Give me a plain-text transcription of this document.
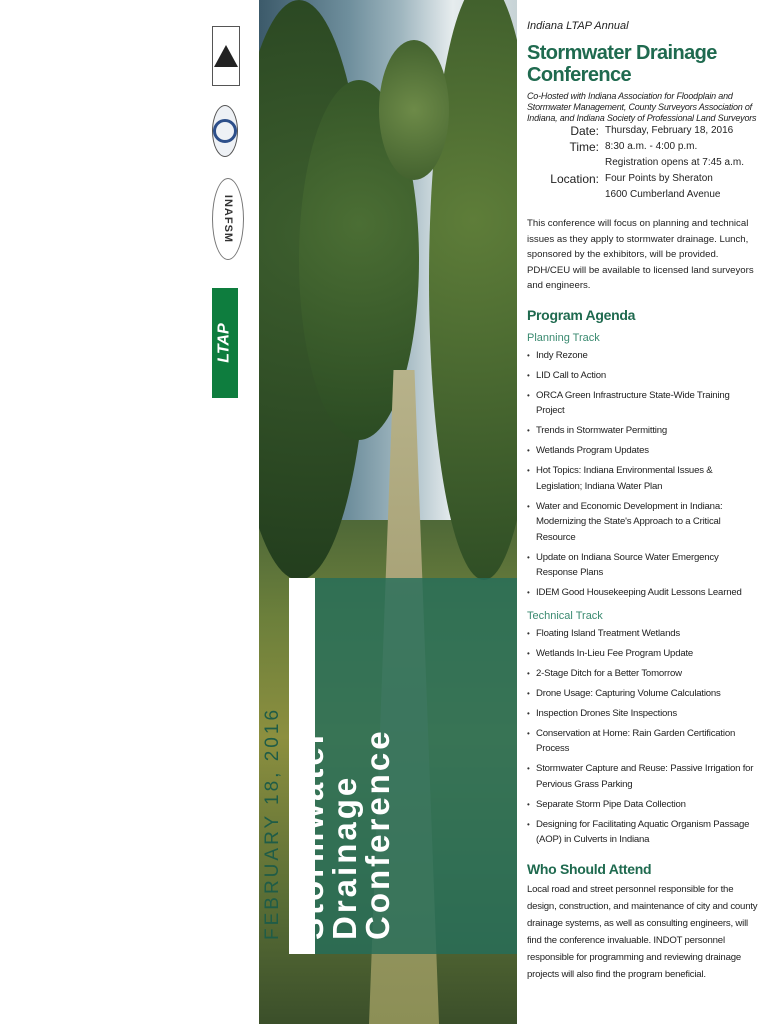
INAFSM
LTAP
FEBRUARY 18, 2016 Stormwater
Drainage
Conference
Indiana LTAP Annual
Stormwater Drainage Conference
Co-Hosted with Indiana Association for Floodplain and Stormwater Management, County Surveyors Association of Indiana, and Indiana Society of Professional Land Surveyors
Date: Thursday, February 18, 2016
Time: 8:30 a.m. - 4:00 p.m.
Registration opens at 7:45 a.m.
Location: Four Points by Sheraton
1600 Cumberland Avenue
This conference will focus on planning and technical issues as they apply to stormwater drainage. Lunch, sponsored by the exhibitors, will be provided. PDH/CEU will be available to licensed land surveyors and engineers.
Program Agenda
Planning Track
• Indy Rezone
• LID Call to Action
• ORCA Green Infrastructure State-Wide Training Project
• Trends in Stormwater Permitting
• Wetlands Program Updates
• Hot Topics: Indiana Environmental Issues & Legislation; Indiana Water Plan
• Water and Economic Development in Indiana: Modernizing the State's Approach to a Critical Resource
• Update on Indiana Source Water Emergency Response Plans
• IDEM Good Housekeeping Audit Lessons Learned
Technical Track
• Floating Island Treatment Wetlands
• Wetlands In-Lieu Fee Program Update
• 2-Stage Ditch for a Better Tomorrow
• Drone Usage: Capturing Volume Calculations
• Inspection Drones Site Inspections
• Conservation at Home: Rain Garden Certification Process
• Stormwater Capture and Reuse: Passive Irrigation for Pervious Grass Parking
• Separate Storm Pipe Data Collection
• Designing for Facilitating Aquatic Organism Passage (AOP) in Culverts in Indiana
Who Should Attend
Local road and street personnel responsible for the design, construction, and maintenance of city and county drainage systems, as well as consulting engineers, will find the conference invaluable. INDOT personnel responsible for programming and reviewing drainage projects will also find the program beneficial.
